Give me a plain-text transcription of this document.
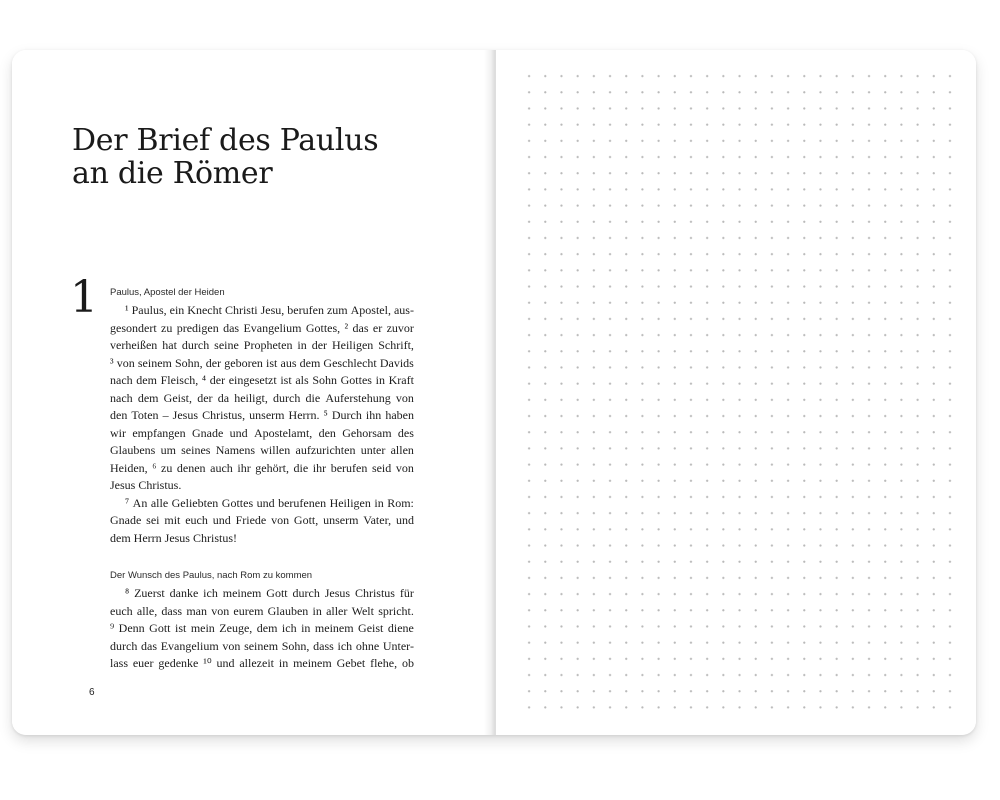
Der Brief des Paulus
an die Römer
1 Paulus, Apostel der Heiden
¹ Paulus, ein Knecht Christi Jesu, berufen zum Apostel, aus-
gesondert zu predigen das Evangelium Gottes, ² das er zuvor
verheißen hat durch seine Propheten in der Heiligen Schrift,
³ von seinem Sohn, der geboren ist aus dem Geschlecht Davids
nach dem Fleisch, ⁴ der eingesetzt ist als Sohn Gottes in Kraft
nach dem Geist, der da heiligt, durch die Auferstehung von
den Toten – Jesus Christus, unserm Herrn. ⁵ Durch ihn haben
wir empfangen Gnade und Apostelamt, den Gehorsam des
Glaubens um seines Namens willen aufzurichten unter allen
Heiden, ⁶ zu denen auch ihr gehört, die ihr berufen seid von
Jesus Christus.
⁷ An alle Geliebten Gottes und berufenen Heiligen in Rom:
Gnade sei mit euch und Friede von Gott, unserm Vater, und
dem Herrn Jesus Christus!
Der Wunsch des Paulus, nach Rom zu kommen
⁸ Zuerst danke ich meinem Gott durch Jesus Christus für
euch alle, dass man von eurem Glauben in aller Welt spricht.
⁹ Denn Gott ist mein Zeuge, dem ich in meinem Geist diene
durch das Evangelium von seinem Sohn, dass ich ohne Unter-
lass euer gedenke ¹⁰ und allezeit in meinem Gebet flehe, ob
6
